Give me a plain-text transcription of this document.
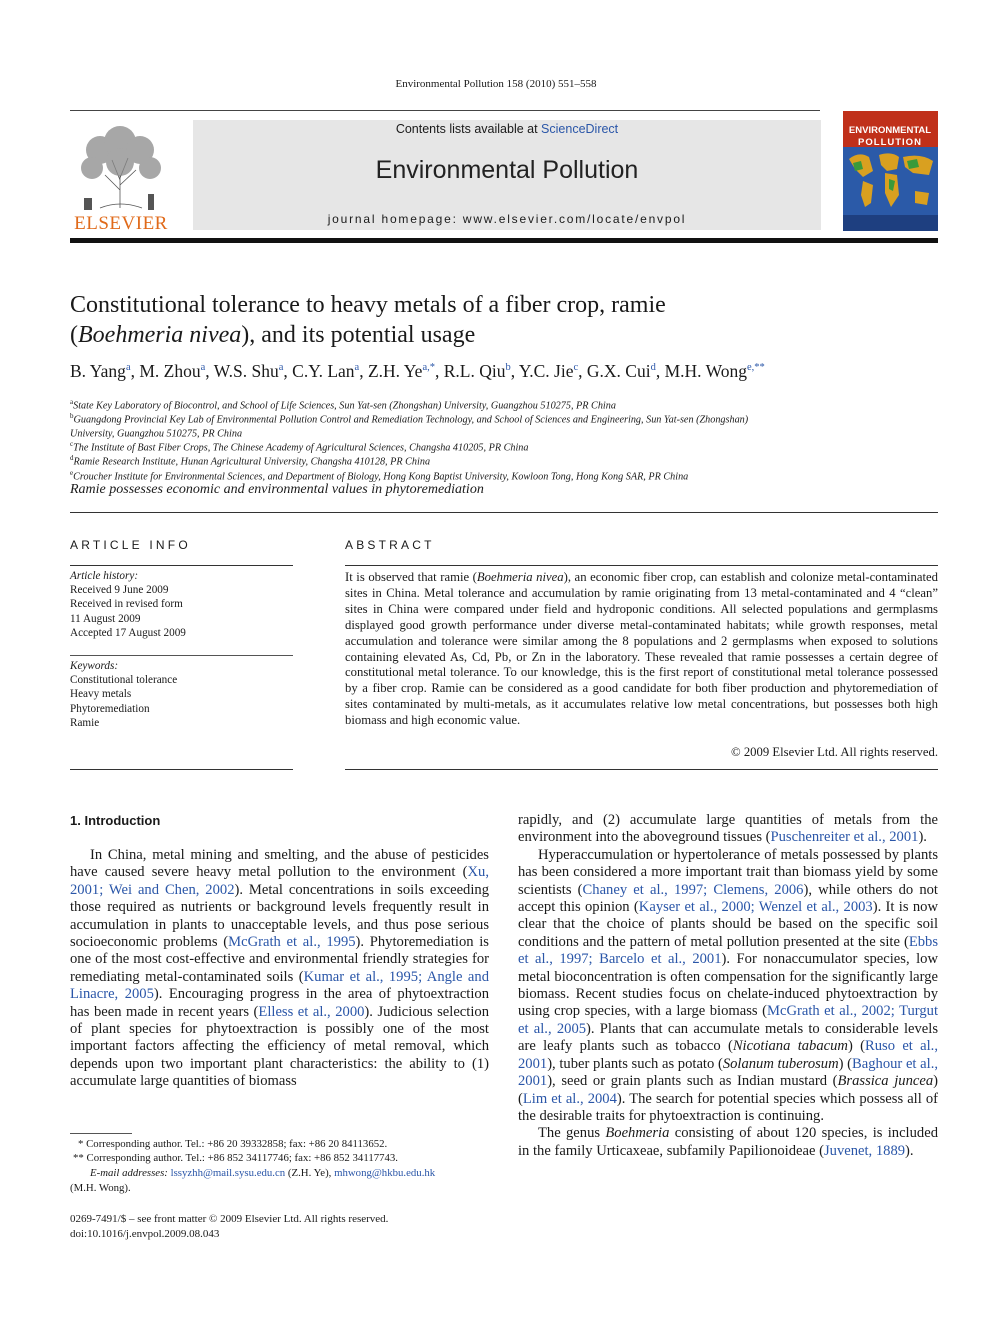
Environmental Pollution 158 (2010) 551–558
ELSEVIER
Contents lists available at ScienceDirect
Environmental Pollution
journal homepage: www.elsevier.com/locate/envpol
ENVIRONMENTAL
POLLUTION
Constitutional tolerance to heavy metals of a fiber crop, ramie
(Boehmeria nivea), and its potential usage
B. Yang$^a$, M. Zhou$^a$, W.S. Shu$^a$, C.Y. Lan$^a$, Z.H. $Ye^{a,*}$, R.L. Qiu$^b$, Y.C. Jie$^c$, G.X. Cui$^d$, M.H. Wong$^{e,**}$
$^a$State Key Laboratory of Biocontrol, and School of Life Sciences, Sun Yat-sen (Zhongshan) University, Guangzhou 510275, PR China
$^b$Guangdong Provincial Key Lab of Environmental Pollution Control and Remediation Technology, and School of Sciences and Engineering, Sun Yat-sen (Zhongshan)
University, Guangzhou 510275, PR China
$^c$The Institute of Bast Fiber Crops, The Chinese Academy of Agricultural Sciences, Changsha 410205, PR China
$^d$Ramie Research Institute, Hunan Agricultural University, Changsha 410128, PR China
$^e$Croucher Institute for Environmental Sciences, and Department of Biology, Hong Kong Baptist University, Kowloon Tong, Hong Kong SAR, PR China
Ramie possesses economic and environmental values in phytoremediation
ARTICLE INFO
Article history:
Received 9 June 2009
Received in revised form
11 August 2009
Accepted 17 August 2009
Keywords:
Constitutional tolerance
Heavy metals
Phytoremediation
Ramie
ABSTRACT
It is observed that ramie (Boehmeria nivea), an economic fiber crop, can establish and colonize metal-contaminated sites in China. Metal tolerance and accumulation by ramie originating from 13 metal-contaminated and 4 “clean” sites in China were compared under field and hydroponic conditions. All selected populations and germplasms displayed good growth performance under diverse metal-contaminated habitats; while growth responses, metal accumulation and tolerance were similar among the 8 populations and 2 germplasms when exposed to solutions containing elevated As, Cd, Pb, or Zn in the laboratory. These revealed that ramie possesses a certain degree of constitutional metal tolerance. To our knowledge, this is the first report of constitutional metal tolerance possessed by a fiber crop. Ramie can be considered as a good candidate for both fiber production and phytoremediation of sites contaminated by multi-metals, as it accumulates relative low metal concentrations, but possesses both high biomass and high economic value.
© 2009 Elsevier Ltd. All rights reserved.
1. Introduction

In China, metal mining and smelting, and the abuse of pesticides have caused severe heavy metal pollution to the environment (Xu, 2001; Wei and Chen, 2002). Metal concentrations in soils exceeding those required as nutrients or background levels frequently result in accumulation in plants to unacceptable levels, and thus pose serious socioeconomic problems (McGrath et al., 1995). Phytoremediation is one of the most cost-effective and environmental friendly strategies for remediating metal-contaminated soils (Kumar et al., 1995; Angle and Linacre, 2005). Encouraging progress in the area of phytoextraction has been made in recent years (Elless et al., 2000). Judicious selection of plant species for phytoextraction is possibly one of the most important factors affecting the efficiency of metal removal, which depends upon two important plant characteristics: the ability to (1) accumulate large quantities of biomass

rapidly, and (2) accumulate large quantities of metals from the environment into the aboveground tissues (Puschenreiter et al., 2001).

Hyperaccumulation or hypertolerance of metals possessed by plants has been considered a more important trait than biomass yield by some scientists (Chaney et al., 1997; Clemens, 2006), while others do not accept this opinion (Kayser et al., 2000; Wenzel et al., 2003). It is now clear that the choice of plants should be based on the specific soil conditions and the pattern of metal pollution presented at the site (Ebbs et al., 1997; Barcelo et al., 2001). For nonaccumulator species, low metal bioconcentration is often compensation for the significantly large biomass. Recent studies focus on chelate-induced phytoextraction by using crop species, with a large biomass (McGrath et al., 2002; Turgut et al., 2005). Plants that can accumulate metals to considerable levels are leafy plants such as tobacco (Nicotiana tabacum) (Ruso et al., 2001), tuber plants such as potato (Solanum tuberosum) (Baghour et al., 2001), seed or grain plants such as Indian mustard (Brassica juncea) (Lim et al., 2004). The search for potential species which possess all of the desirable traits for phytoextraction is continuing.

The genus Boehmeria consisting of about 120 species, is included in the family Urticaxeae, subfamily Papilionoideae (Juvenet, 1889).

* Corresponding author. Tel.: +86 20 39332858; fax: +86 20 84113652.
** Corresponding author. Tel.: +86 852 34117746; fax: +86 852 34117743.
E-mail addresses: lssyzhh@mail.sysu.edu.cn (Z.H. Ye), mhwong@hkbu.edu.hk
(M.H. Wong).
0269-7491/$ – see front matter © 2009 Elsevier Ltd. All rights reserved.
doi:10.1016/j.envpol.2009.08.043
